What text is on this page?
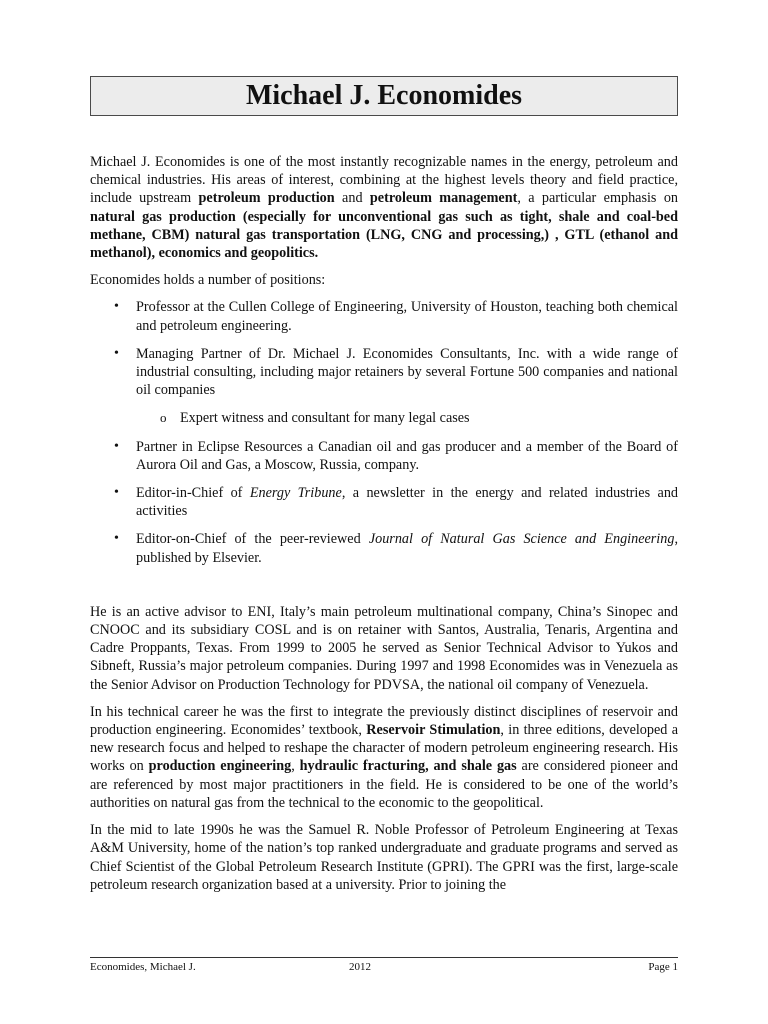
Michael J. Economides

Michael J. Economides is one of the most instantly recognizable names in the energy, petroleum and chemical industries. His areas of interest, combining at the highest levels theory and field practice, include upstream petroleum production and petroleum management, a particular emphasis on natural gas production (especially for unconventional gas such as tight, shale and coal-bed methane, CBM) natural gas transportation (LNG, CNG and processing,) , GTL (ethanol and methanol), economics and geopolitics.

Economides holds a number of positions:

• Professor at the Cullen College of Engineering, University of Houston, teaching both chemical and petroleum engineering.
• Managing Partner of Dr. Michael J. Economides Consultants, Inc. with a wide range of industrial consulting, including major retainers by several Fortune 500 companies and national oil companies
o Expert witness and consultant for many legal cases
• Partner in Eclipse Resources a Canadian oil and gas producer and a member of the Board of Aurora Oil and Gas, a Moscow, Russia, company.
• Editor-in-Chief of Energy Tribune, a newsletter in the energy and related industries and activities
• Editor-on-Chief of the peer-reviewed Journal of Natural Gas Science and Engineering, published by Elsevier.

He is an active advisor to ENI, Italy’s main petroleum multinational company, China’s Sinopec and CNOOC and its subsidiary COSL and is on retainer with Santos, Australia, Tenaris, Argentina and Cadre Proppants, Texas. From 1999 to 2005 he served as Senior Technical Advisor to Yukos and Sibneft, Russia’s major petroleum companies. During 1997 and 1998 Economides was in Venezuela as the Senior Advisor on Production Technology for PDVSA, the national oil company of Venezuela.

In his technical career he was the first to integrate the previously distinct disciplines of reservoir and production engineering. Economides’ textbook, Reservoir Stimulation, in three editions, developed a new research focus and helped to reshape the character of modern petroleum engineering research. His works on production engineering, hydraulic fracturing, and shale gas are considered pioneer and are referenced by most major practitioners in the field. He is considered to be one of the world’s authorities on natural gas from the technical to the economic to the geopolitical.

In the mid to late 1990s he was the Samuel R. Noble Professor of Petroleum Engineering at Texas A&M University, home of the nation’s top ranked undergraduate and graduate programs and served as Chief Scientist of the Global Petroleum Research Institute (GPRI). The GPRI was the first, large-scale petroleum research organization based at a university. Prior to joining the

Economides, Michael J.	2012	Page 1
